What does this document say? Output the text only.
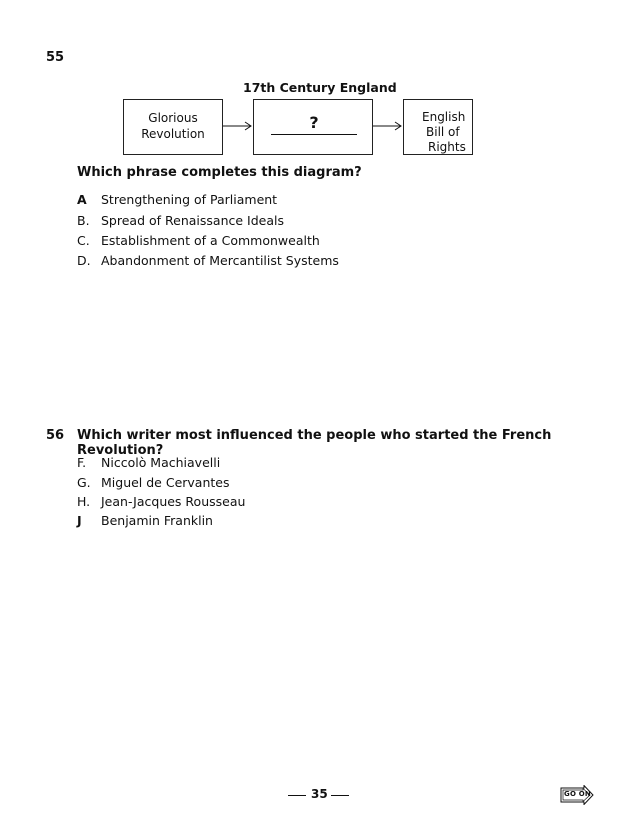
55
17th Century England
Glorious
Revolution
?	English
Bill of
Rights
Which phrase completes this diagram?
A Strengthening of Parliament
B. Spread of Renaissance Ideals
C. Establishment of a Commonwealth
D. Abandonment of Mercantilist Systems
56 Which writer most influenced the people who started the French Revolution?
F. Niccolò Machiavelli
G. Miguel de Cervantes
H. Jean-Jacques Rousseau
J Benjamin Franklin
35	GO ON
